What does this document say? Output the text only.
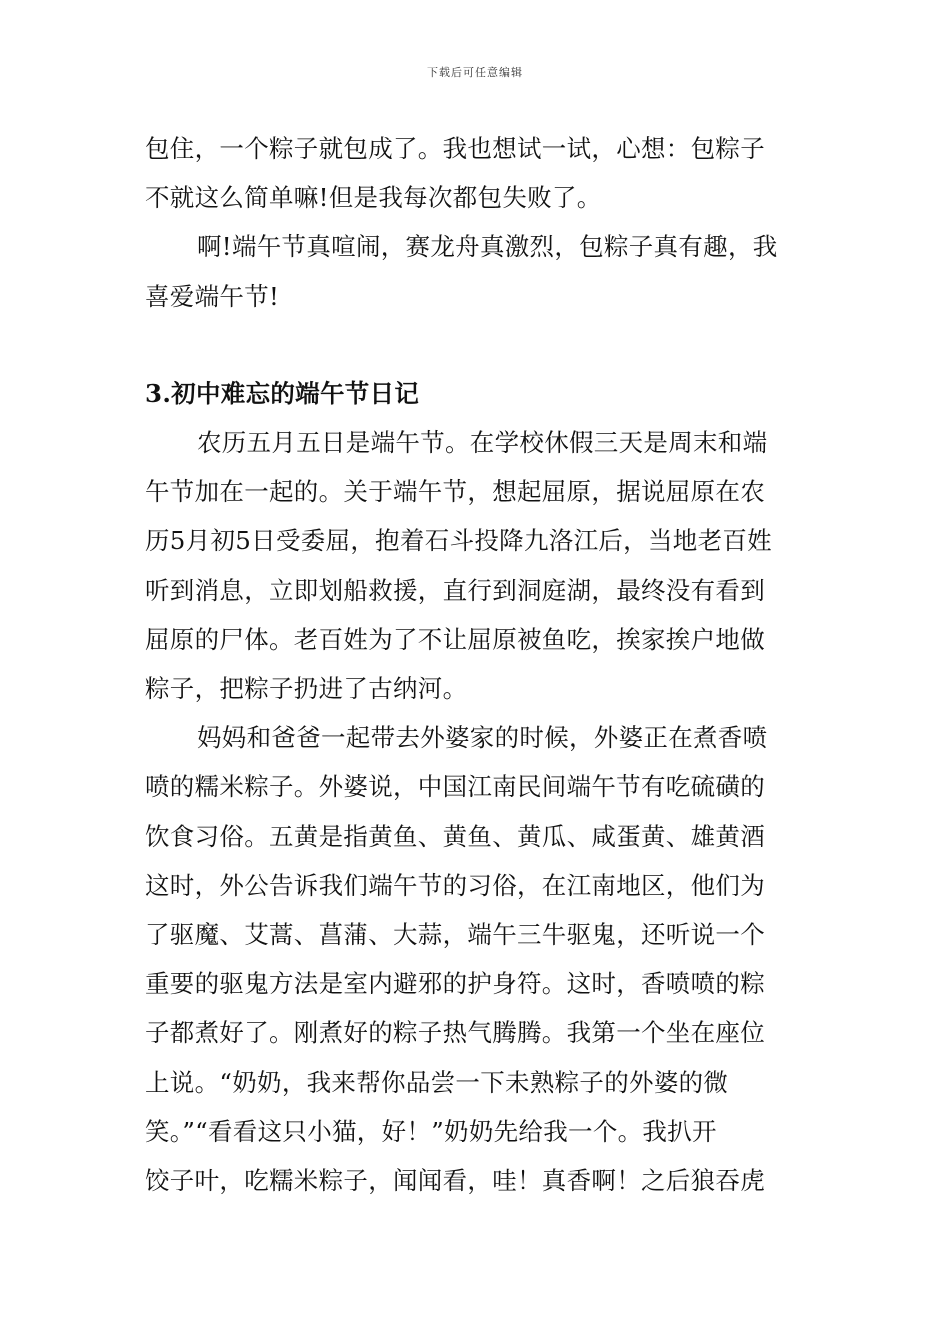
下载后可任意编辑

包住，一个粽子就包成了。我也想试一试，心想：包粽子
不就这么简单嘛!但是我每次都包失败了。

啊!端午节真喧闹，赛龙舟真激烈，包粽子真有趣，我
喜爱端午节!

3.初中难忘的端午节日记

农历五月五日是端午节。在学校休假三天是周末和端
午节加在一起的。关于端午节，想起屈原，据说屈原在农
历5月初5日受委屈，抱着石斗投降九洛江后，当地老百姓
听到消息，立即划船救援，直行到洞庭湖，最终没有看到
屈原的尸体。老百姓为了不让屈原被鱼吃，挨家挨户地做
粽子，把粽子扔进了古纳河。

妈妈和爸爸一起带去外婆家的时候，外婆正在煮香喷
喷的糯米粽子。外婆说，中国江南民间端午节有吃硫磺的
饮食习俗。五黄是指黄鱼、黄鱼、黄瓜、咸蛋黄、雄黄酒
这时，外公告诉我们端午节的习俗，在江南地区，他们为
了驱魔、艾蒿、菖蒲、大蒜，端午三牛驱鬼，还听说一个
重要的驱鬼方法是室内避邪的护身符。这时，香喷喷的粽
子都煮好了。刚煮好的粽子热气腾腾。我第一个坐在座位
上说。“奶奶，我来帮你品尝一下未熟粽子的外婆的微
笑。”“看看这只小猫，好！”奶奶先给我一个。我扒开
饺子叶，吃糯米粽子，闻闻看，哇！真香啊！之后狼吞虎
